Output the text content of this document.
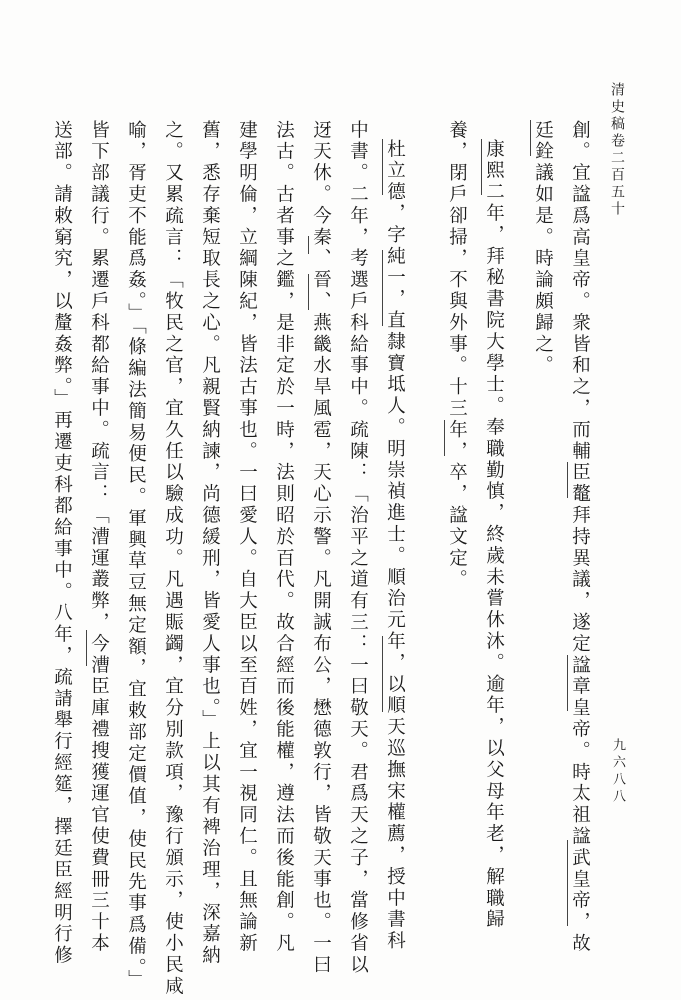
清史稿卷二百五十
九六八八
創。宜諡爲高皇帝。衆皆和之，而輔臣鼇拜持異議，遂定諡章皇帝。時太祖諡武皇帝，故
廷銓議如是。時論頗歸之。
康熙二年，拜秘書院大學士。奉職勤慎，終歲未嘗休沐。逾年，以父母年老，解職歸
養，閉戶卻掃，不與外事。十三年，卒，諡文定。
杜立德，字純一，直隸寶坻人。明崇禎進士。順治元年，以順天巡撫宋權薦，授中書科
中書。二年，考選戶科給事中。疏陳：「治平之道有三：一曰敬天。君爲天之子，當修省以
迓天休。今秦、晉、燕畿水旱風雹，天心示警。凡開誠布公，懋德敦行，皆敬天事也。一曰
法古。古者事之鑑，是非定於一時，法則昭於百代。故合經而後能權，遵法而後能創。凡
建學明倫，立綱陳紀，皆法古事也。一曰愛人。自大臣以至百姓，宜一視同仁。且無論新
舊，悉存棄短取長之心。凡親賢納諫，尚德緩刑，皆愛人事也。」上以其有裨治理，深嘉納
之。又累疏言：「牧民之官，宜久任以驗成功。凡遇賑蠲，宜分別款項，豫行頒示，使小民咸
喻，胥吏不能爲姦。」「條編法簡易便民。軍興草豆無定額，宜敕部定價值，使民先事爲備。」
皆下部議行。累遷戶科都給事中。疏言：「漕運叢弊，今漕臣庫禮搜獲運官使費冊三十本
送部。請敕窮究，以釐姦弊。」再遷吏科都給事中。八年，疏請舉行經筵，擇廷臣經明行修
